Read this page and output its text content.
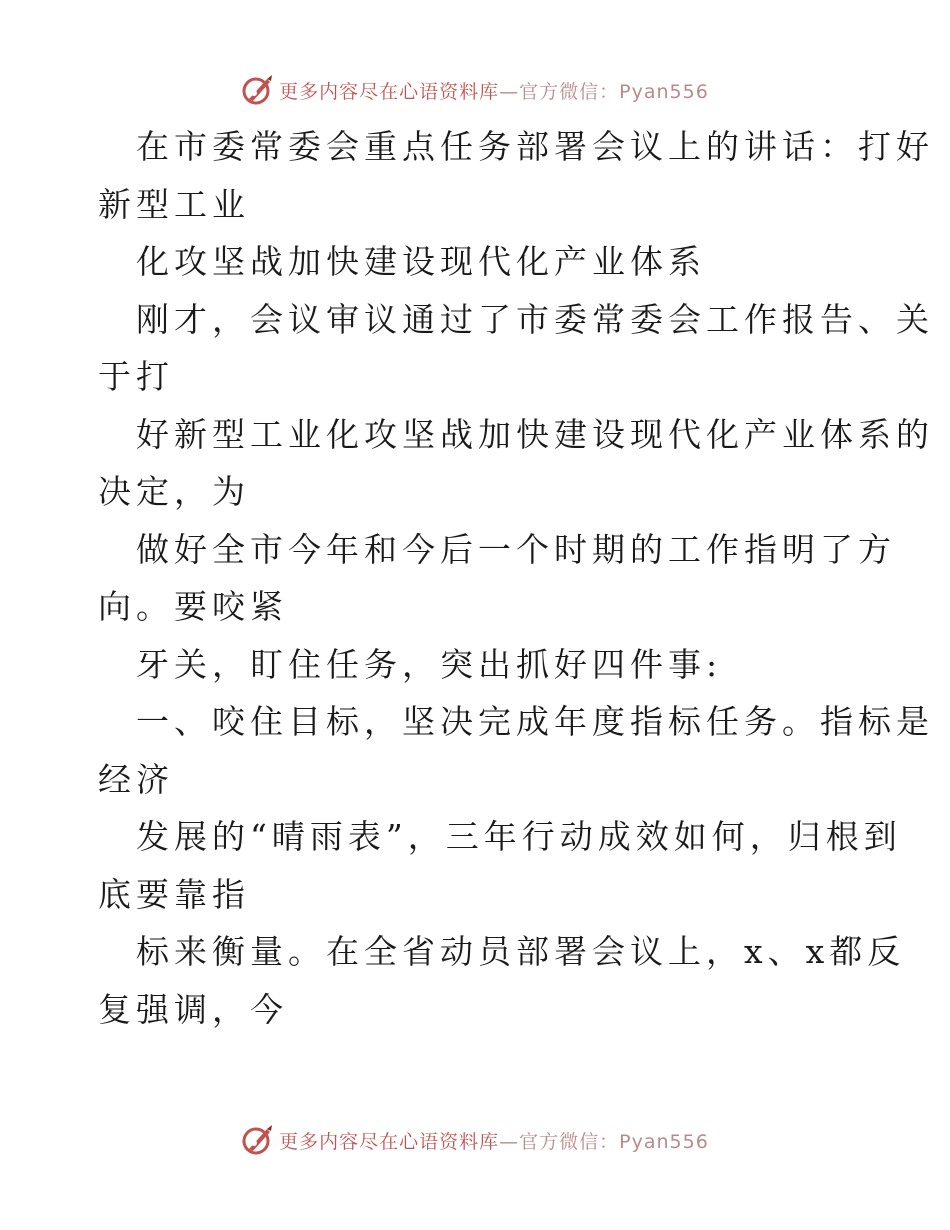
更多内容尽在心语资料库—官方微信：Pyan556

在市委常委会重点任务部署会议上的讲话：打好

新型工业

化攻坚战加快建设现代化产业体系

刚才，会议审议通过了市委常委会工作报告、关

于打

好新型工业化攻坚战加快建设现代化产业体系的

决定，为

做好全市今年和今后一个时期的工作指明了方

向。要咬紧

牙关，盯住任务，突出抓好四件事:

一、咬住目标，坚决完成年度指标任务。指标是

经济

发展的“晴雨表”，三年行动成效如何，归根到

底要靠指

标来衡量。在全省动员部署会议上，x、x都反

复强调，今

更多内容尽在心语资料库—官方微信：Pyan556
